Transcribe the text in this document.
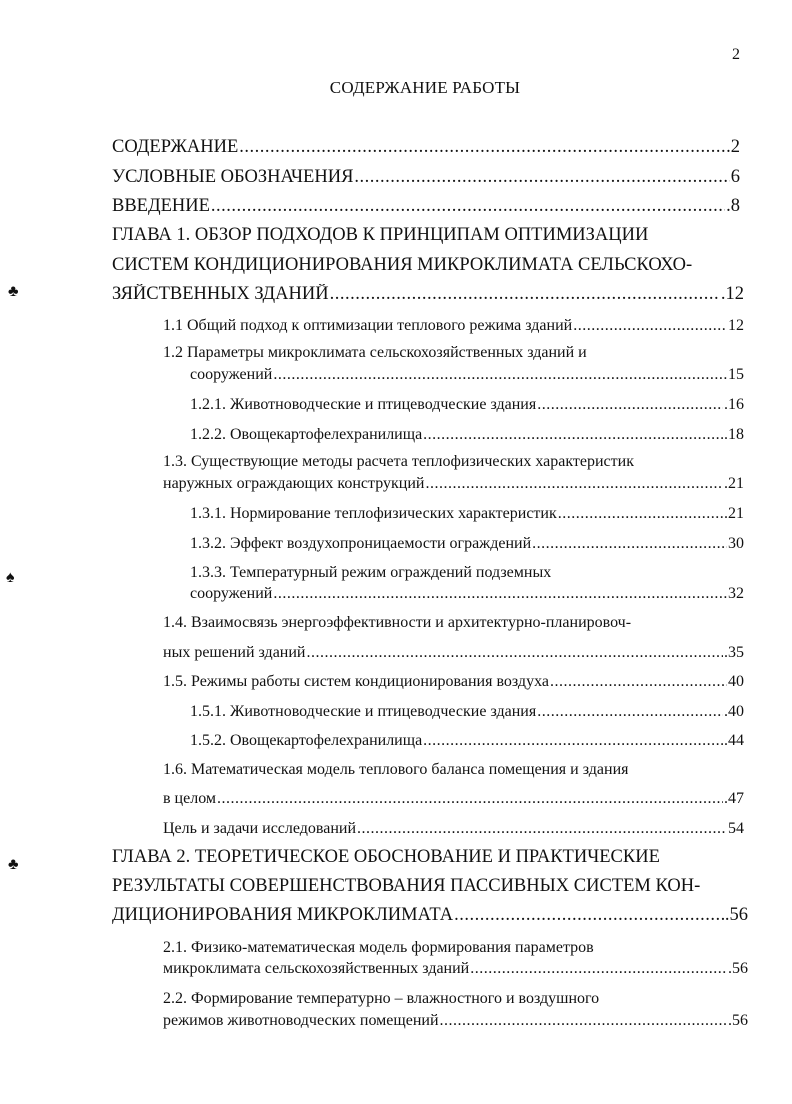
2
СОДЕРЖАНИЕ РАБОТЫ
♣
♠
♣
СОДЕРЖАНИЕ .....	.2
УСЛОВНЫЕ ОБОЗНАЧЕНИЯ .....	6
ВВЕДЕНИЕ .....	.8
ГЛАВА 1. ОБЗОР ПОДХОДОВ К ПРИНЦИПАМ ОПТИМИЗАЦИИ
СИСТЕМ КОНДИЦИОНИРОВАНИЯ МИКРОКЛИМАТА СЕЛЬСКОХО-
ЗЯЙСТВЕННЫХ ЗДАНИЙ .....	.12
1.1 Общий подход к оптимизации теплового режима зданий .....	12
1.2 Параметры микроклимата сельскохозяйственных зданий и
сооружений .....	15
1.2.1. Животноводческие и птицеводческие здания .....	.16
1.2.2. Овощекартофелехранилища .....	.18
1.3. Существующие методы расчета теплофизических характеристик
наружных ограждающих конструкций .....	.21
1.3.1. Нормирование теплофизических характеристик .....	.21
1.3.2. Эффект воздухопроницаемости ограждений .....	30
1.3.3. Температурный режим ограждений подземных
сооружений .....	32
1.4. Взаимосвязь энергоэффективности и архитектурно-планировоч-
ных решений зданий .....	.35
1.5. Режимы работы систем кондиционирования воздуха .....	40
1.5.1. Животноводческие и птицеводческие здания .....	.40
1.5.2. Овощекартофелехранилища .....	.44
1.6. Математическая модель теплового баланса помещения и здания
в целом .....	.47
Цель и задачи исследований .....	54
ГЛАВА 2. ТЕОРЕТИЧЕСКОЕ ОБОСНОВАНИЕ И ПРАКТИЧЕСКИЕ
РЕЗУЛЬТАТЫ СОВЕРШЕНСТВОВАНИЯ ПАССИВНЫХ СИСТЕМ КОН-
ДИЦИОНИРОВАНИЯ МИКРОКЛИМАТА .....	.56
2.1. Физико-математическая модель формирования параметров
микроклимата сельскохозяйственных зданий .....	.56
2.2. Формирование температурно – влажностного и воздушного
режимов животноводческих помещений .....	.56
